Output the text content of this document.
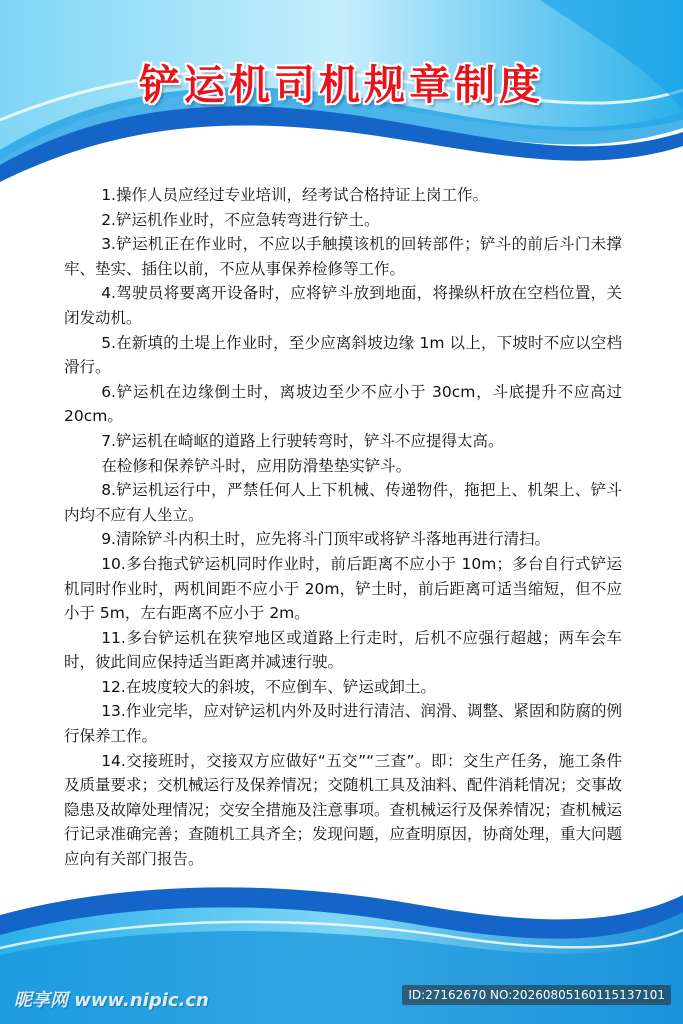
铲运机司机规章制度

1.操作人员应经过专业培训，经考试合格持证上岗工作。

2.铲运机作业时，不应急转弯进行铲土。

3.铲运机正在作业时，不应以手触摸该机的回转部件；铲斗的前后斗门未撑牢、垫实、插住以前，不应从事保养检修等工作。

4.驾驶员将要离开设备时，应将铲斗放到地面，将操纵杆放在空档位置，关闭发动机。

5.在新填的土堤上作业时，至少应离斜坡边缘 1m 以上，下坡时不应以空档滑行。

6.铲运机在边缘倒土时，离坡边至少不应小于 30cm，斗底提升不应高过 20cm。

7.铲运机在崎岖的道路上行驶转弯时，铲斗不应提得太高。

在检修和保养铲斗时，应用防滑垫垫实铲斗。

8.铲运机运行中，严禁任何人上下机械、传递物件，拖把上、机架上、铲斗内均不应有人坐立。

9.清除铲斗内积土时，应先将斗门顶牢或将铲斗落地再进行清扫。

10.多台拖式铲运机同时作业时，前后距离不应小于 10m；多台自行式铲运机同时作业时，两机间距不应小于 20m，铲土时，前后距离可适当缩短，但不应小于 5m，左右距离不应小于 2m。

11.多台铲运机在狭窄地区或道路上行走时，后机不应强行超越；两车会车时，彼此间应保持适当距离并减速行驶。

12.在坡度较大的斜坡，不应倒车、铲运或卸土。

13.作业完毕，应对铲运机内外及时进行清洁、润滑、调整、紧固和防腐的例行保养工作。

14.交接班时，交接双方应做好“五交”“三查”。即：交生产任务，施工条件及质量要求；交机械运行及保养情况；交随机工具及油料、配件消耗情况；交事故隐患及故障处理情况；交安全措施及注意事项。查机械运行及保养情况；查机械运行记录准确完善；查随机工具齐全；发现问题，应查明原因，协商处理，重大问题应向有关部门报告。

昵享网 www.nipic.cn	ID:27162670 NO:20260805160115137101
